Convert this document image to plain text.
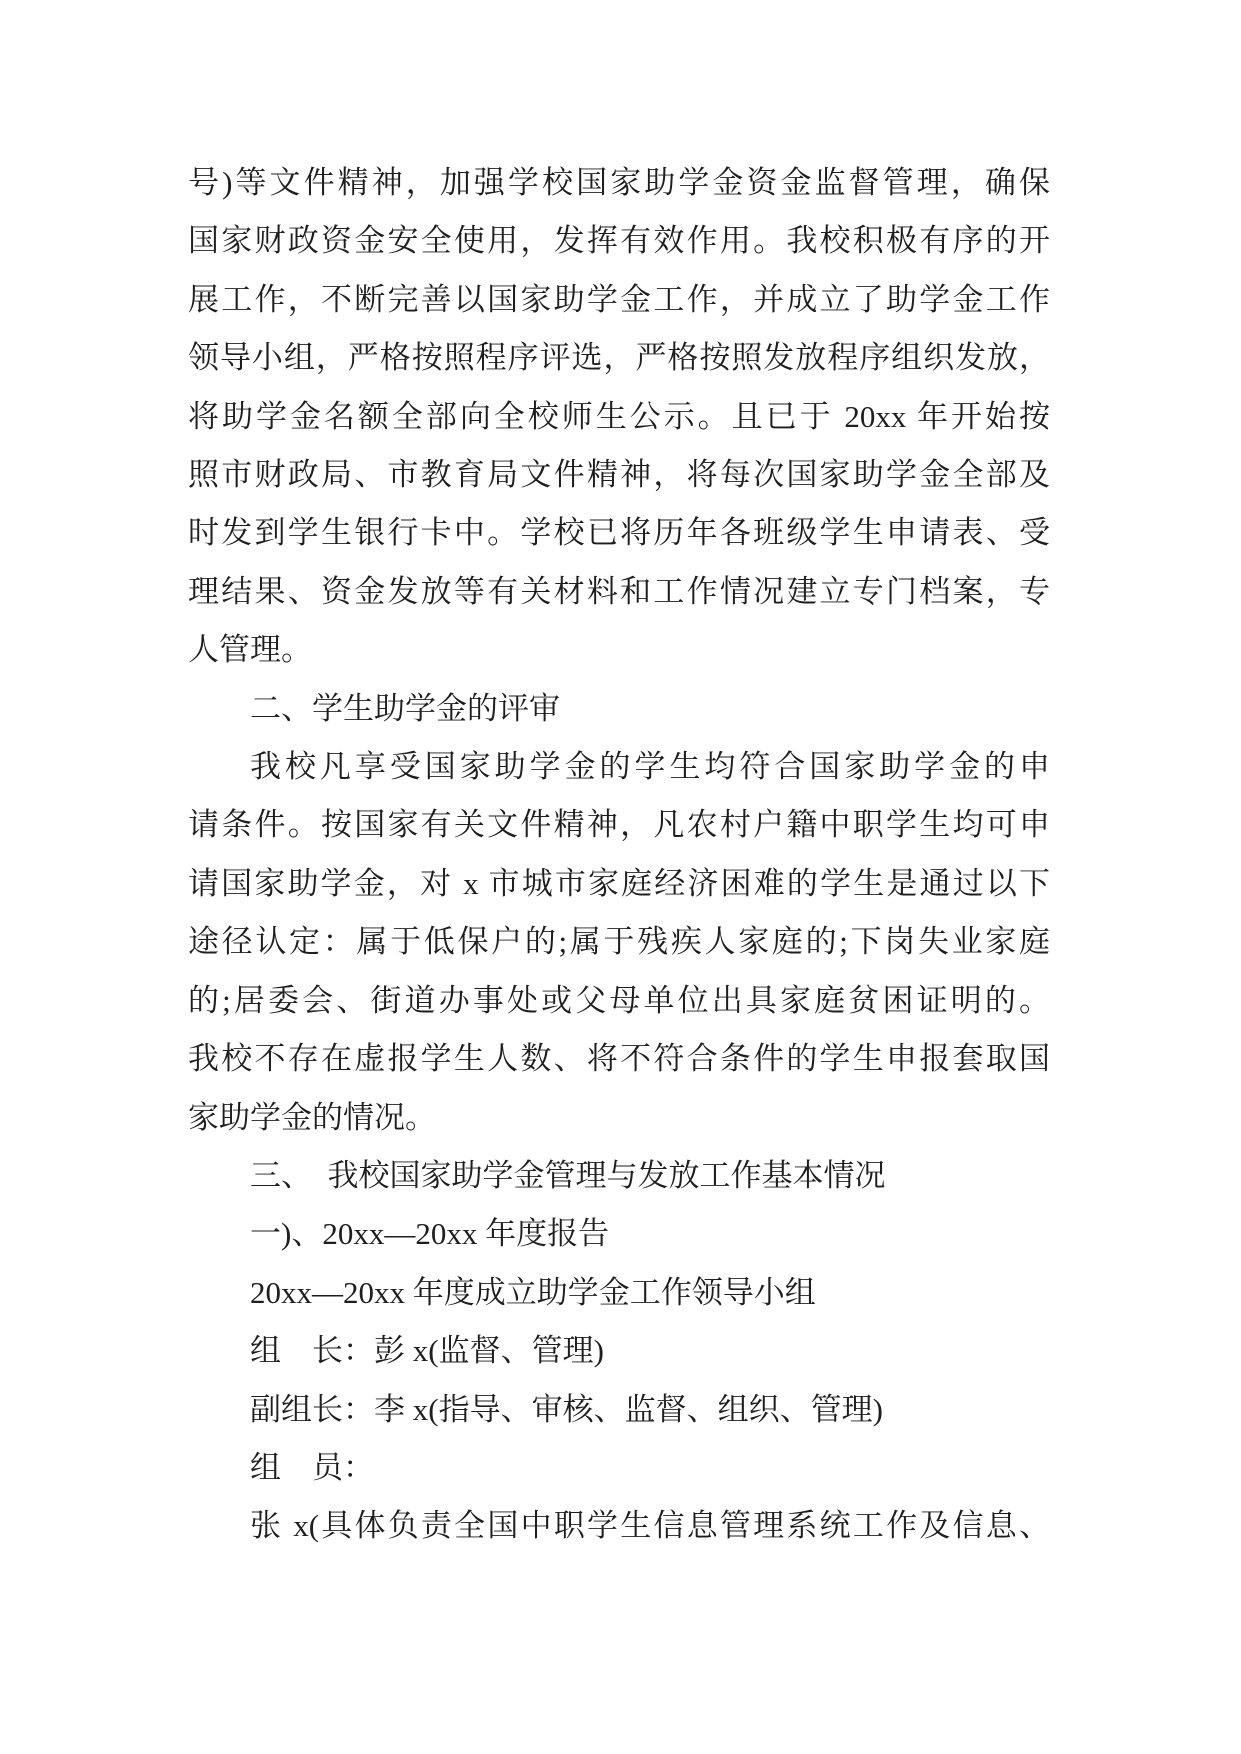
号)等文件精神，加强学校国家助学金资金监督管理，确保
国家财政资金安全使用，发挥有效作用。我校积极有序的开
展工作，不断完善以国家助学金工作，并成立了助学金工作
领导小组，严格按照程序评选，严格按照发放程序组织发放，
将助学金名额全部向全校师生公示。且已于 20xx 年开始按
照市财政局、市教育局文件精神，将每次国家助学金全部及
时发到学生银行卡中。学校已将历年各班级学生申请表、受
理结果、资金发放等有关材料和工作情况建立专门档案，专
人管理。
二、学生助学金的评审
我校凡享受国家助学金的学生均符合国家助学金的申
请条件。按国家有关文件精神，凡农村户籍中职学生均可申
请国家助学金，对 x 市城市家庭经济困难的学生是通过以下
途径认定：属于低保户的;属于残疾人家庭的;下岗失业家庭
的;居委会、街道办事处或父母单位出具家庭贫困证明的。
我校不存在虚报学生人数、将不符合条件的学生申报套取国
家助学金的情况。
三、　我校国家助学金管理与发放工作基本情况
一)、20xx—20xx 年度报告
20xx—20xx 年度成立助学金工作领导小组
组　长：彭 x(监督、管理)
副组长：李 x(指导、审核、监督、组织、管理)
组　员：
张 x(具体负责全国中职学生信息管理系统工作及信息、
